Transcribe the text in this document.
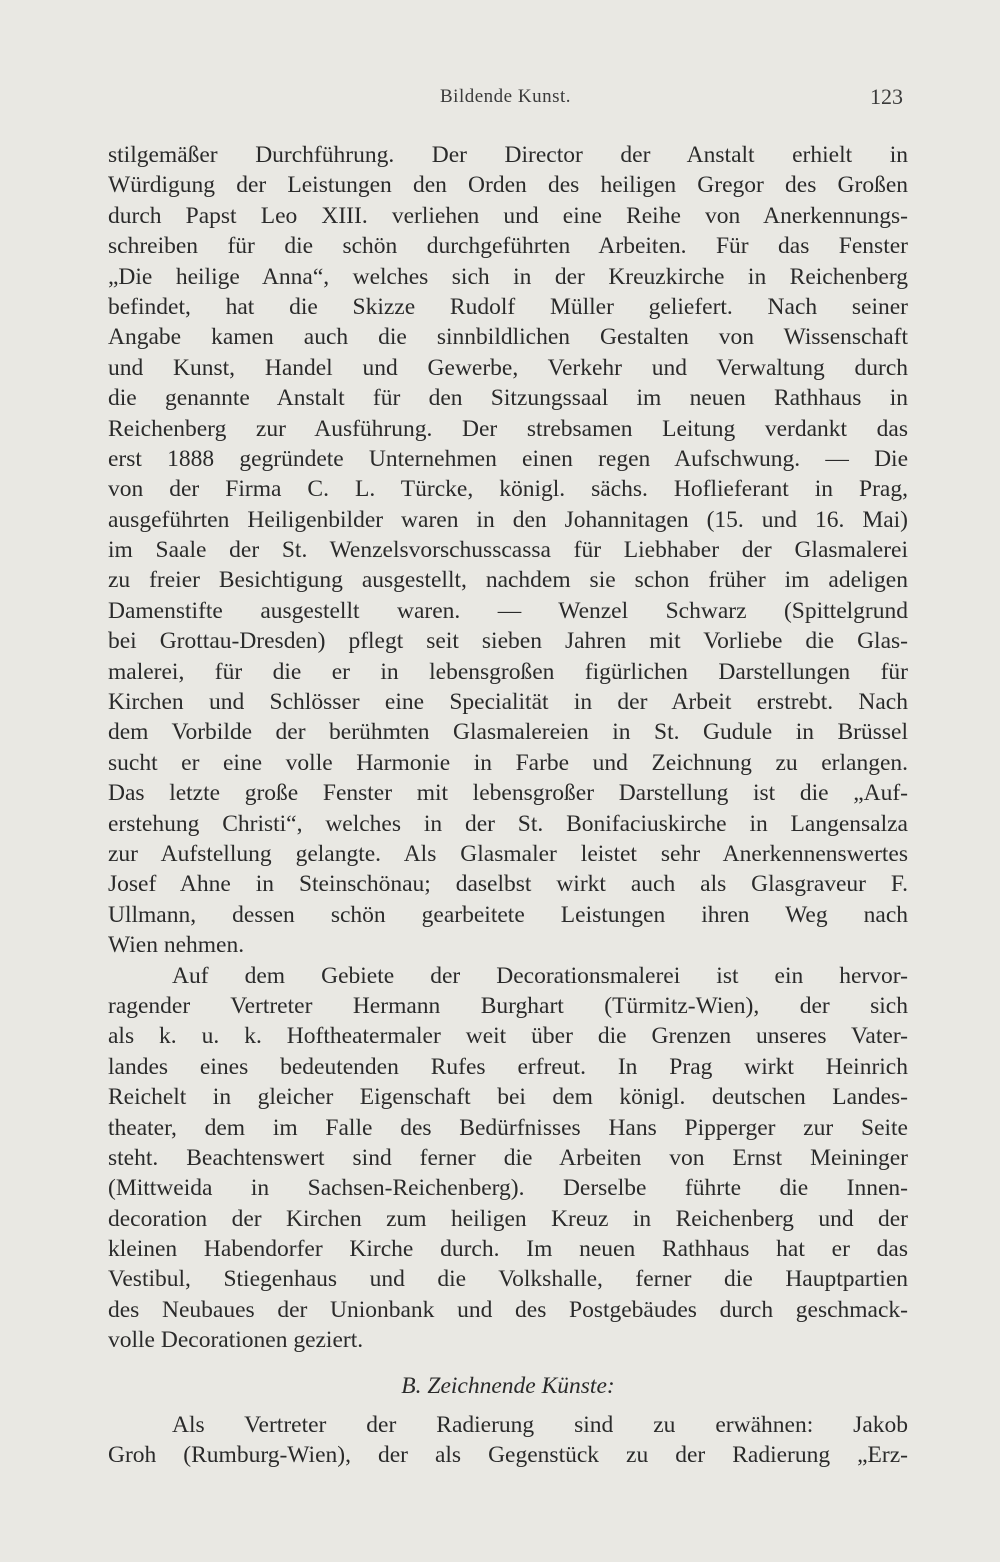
Bildende Kunst.	123
stilgemäßer Durchführung. Der Director der Anstalt erhielt in
Würdigung der Leistungen den Orden des heiligen Gregor des Großen
durch Papst Leo XIII. verliehen und eine Reihe von Anerkennungs-
schreiben für die schön durchgeführten Arbeiten. Für das Fenster
„Die heilige Anna“, welches sich in der Kreuzkirche in Reichenberg
befindet, hat die Skizze Rudolf Müller geliefert. Nach seiner
Angabe kamen auch die sinnbildlichen Gestalten von Wissenschaft
und Kunst, Handel und Gewerbe, Verkehr und Verwaltung durch
die genannte Anstalt für den Sitzungssaal im neuen Rathhaus in
Reichenberg zur Ausführung. Der strebsamen Leitung verdankt das
erst 1888 gegründete Unternehmen einen regen Aufschwung. — Die
von der Firma C. L. Türcke, königl. sächs. Hoflieferant in Prag,
ausgeführten Heiligenbilder waren in den Johannitagen (15. und 16. Mai)
im Saale der St. Wenzelsvorschusscassa für Liebhaber der Glasmalerei
zu freier Besichtigung ausgestellt, nachdem sie schon früher im adeligen
Damenstifte ausgestellt waren. — Wenzel Schwarz (Spittelgrund
bei Grottau-Dresden) pflegt seit sieben Jahren mit Vorliebe die Glas-
malerei, für die er in lebensgroßen figürlichen Darstellungen für
Kirchen und Schlösser eine Specialität in der Arbeit erstrebt. Nach
dem Vorbilde der berühmten Glasmalereien in St. Gudule in Brüssel
sucht er eine volle Harmonie in Farbe und Zeichnung zu erlangen.
Das letzte große Fenster mit lebensgroßer Darstellung ist die „Auf-
erstehung Christi“, welches in der St. Bonifaciuskirche in Langensalza
zur Aufstellung gelangte. Als Glasmaler leistet sehr Anerkennenswertes
Josef Ahne in Steinschönau; daselbst wirkt auch als Glasgraveur F.
Ullmann, dessen schön gearbeitete Leistungen ihren Weg nach
Wien nehmen.
Auf dem Gebiete der Decorationsmalerei ist ein hervor-
ragender Vertreter Hermann Burghart (Türmitz-Wien), der sich
als k. u. k. Hoftheatermaler weit über die Grenzen unseres Vater-
landes eines bedeutenden Rufes erfreut. In Prag wirkt Heinrich
Reichelt in gleicher Eigenschaft bei dem königl. deutschen Landes-
theater, dem im Falle des Bedürfnisses Hans Pipperger zur Seite
steht. Beachtenswert sind ferner die Arbeiten von Ernst Meininger
(Mittweida in Sachsen-Reichenberg). Derselbe führte die Innen-
decoration der Kirchen zum heiligen Kreuz in Reichenberg und der
kleinen Habendorfer Kirche durch. Im neuen Rathhaus hat er das
Vestibul, Stiegenhaus und die Volkshalle, ferner die Hauptpartien
des Neubaues der Unionbank und des Postgebäudes durch geschmack-
volle Decorationen geziert.
B. Zeichnende Künste:
Als Vertreter der Radierung sind zu erwähnen: Jakob
Groh (Rumburg-Wien), der als Gegenstück zu der Radierung „Erz-
